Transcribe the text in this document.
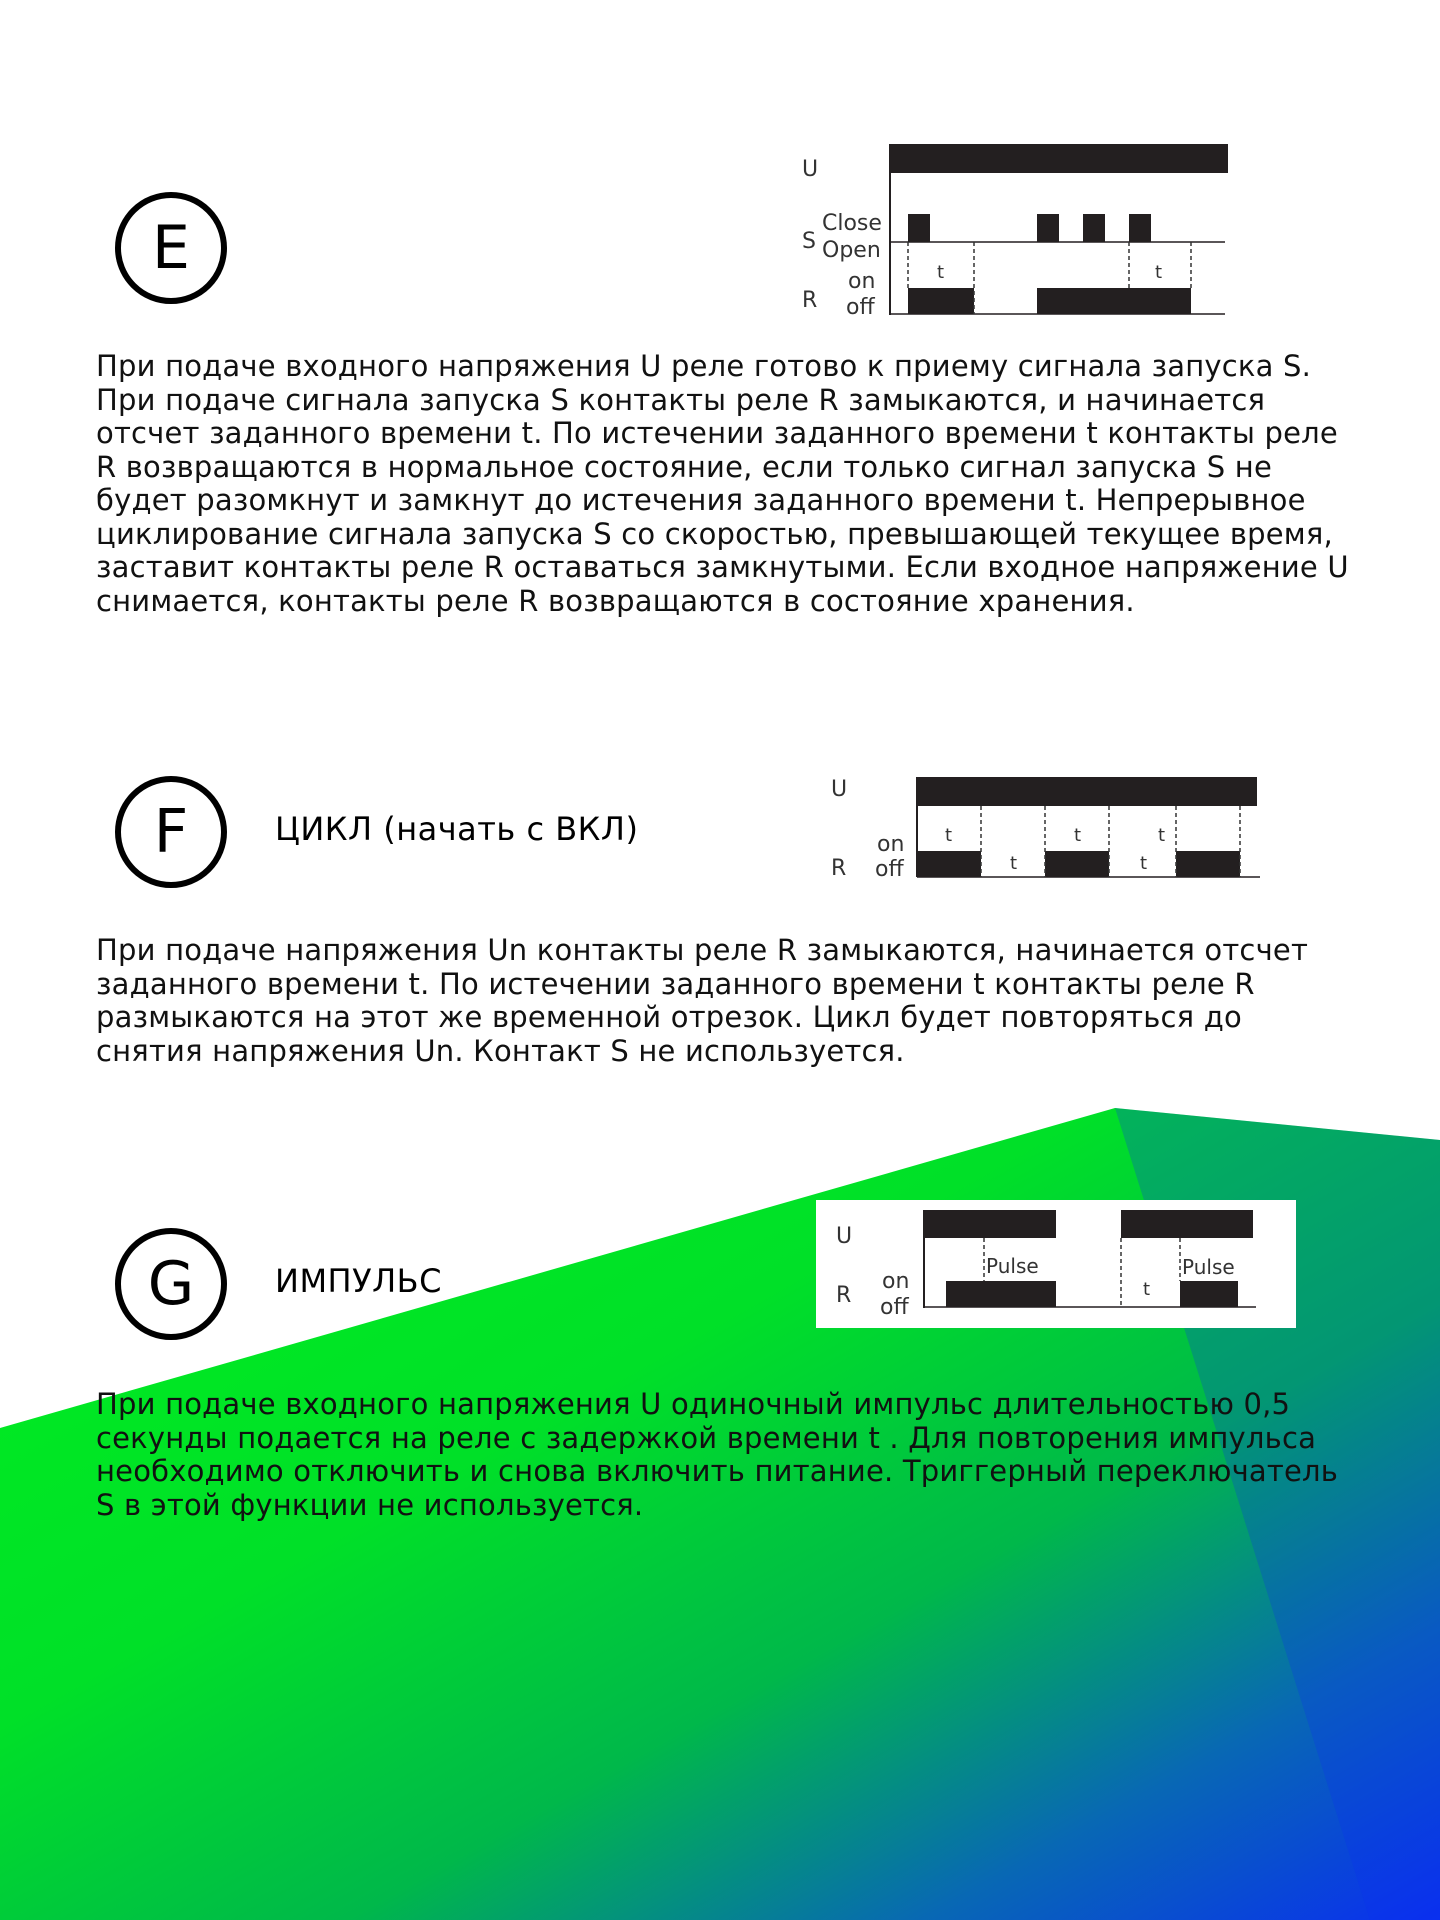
E
U
S
Close
Open
R
on
off
t	t

При подаче входного напряжения U реле готово к приему сигнала запуска S. При подаче сигнала запуска S контакты реле R замыкаются, и начинается отсчет заданного времени t. По истечении заданного времени t контакты реле R возвращаются в нормальное состояние, если только сигнал запуска S не будет разомкнут и замкнут до истечения заданного времени t. Непрерывное циклирование сигнала запуска S со скоростью, превышающей текущее время, заставит контакты реле R оставаться замкнутыми. Если входное напряжение U снимается, контакты реле R возвращаются в состояние хранения.

F	ЦИКЛ (начать с ВКЛ)
U
R
on
off
t
t
t
t
t

При подаче напряжения Un контакты реле R замыкаются, начинается отсчет заданного времени t. По истечении заданного времени t контакты реле R размыкаются на этот же временной отрезок. Цикл будет повторяться до снятия напряжения Un. Контакт S не используется.

G	ИМПУЛЬС
U
R
on
off
Pulse	Pulse
t

При подаче входного напряжения U одиночный импульс длительностью 0,5 секунды подается на реле с задержкой времени t . Для повторения импульса необходимо отключить и снова включить питание. Триггерный переключатель S в этой функции не используется.
